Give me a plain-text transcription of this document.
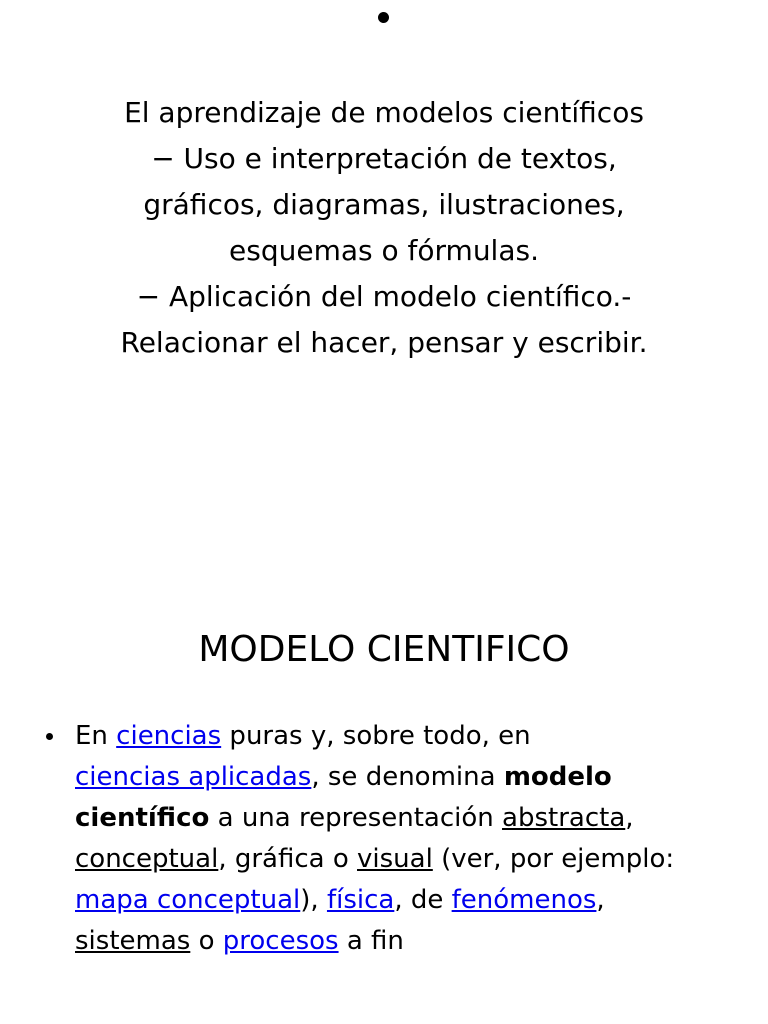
El aprendizaje de modelos científicos
− Uso e interpretación de textos,
gráficos, diagramas, ilustraciones,
esquemas o fórmulas.
− Aplicación del modelo científico.-
Relacionar el hacer, pensar y escribir.
MODELO CIENTIFICO
En ciencias puras y, sobre todo, en
ciencias aplicadas, se denomina modelo
científico a una representación abstracta,
conceptual, gráfica o visual (ver, por ejemplo:
mapa conceptual), física, de fenómenos,
sistemas o procesos a fin
